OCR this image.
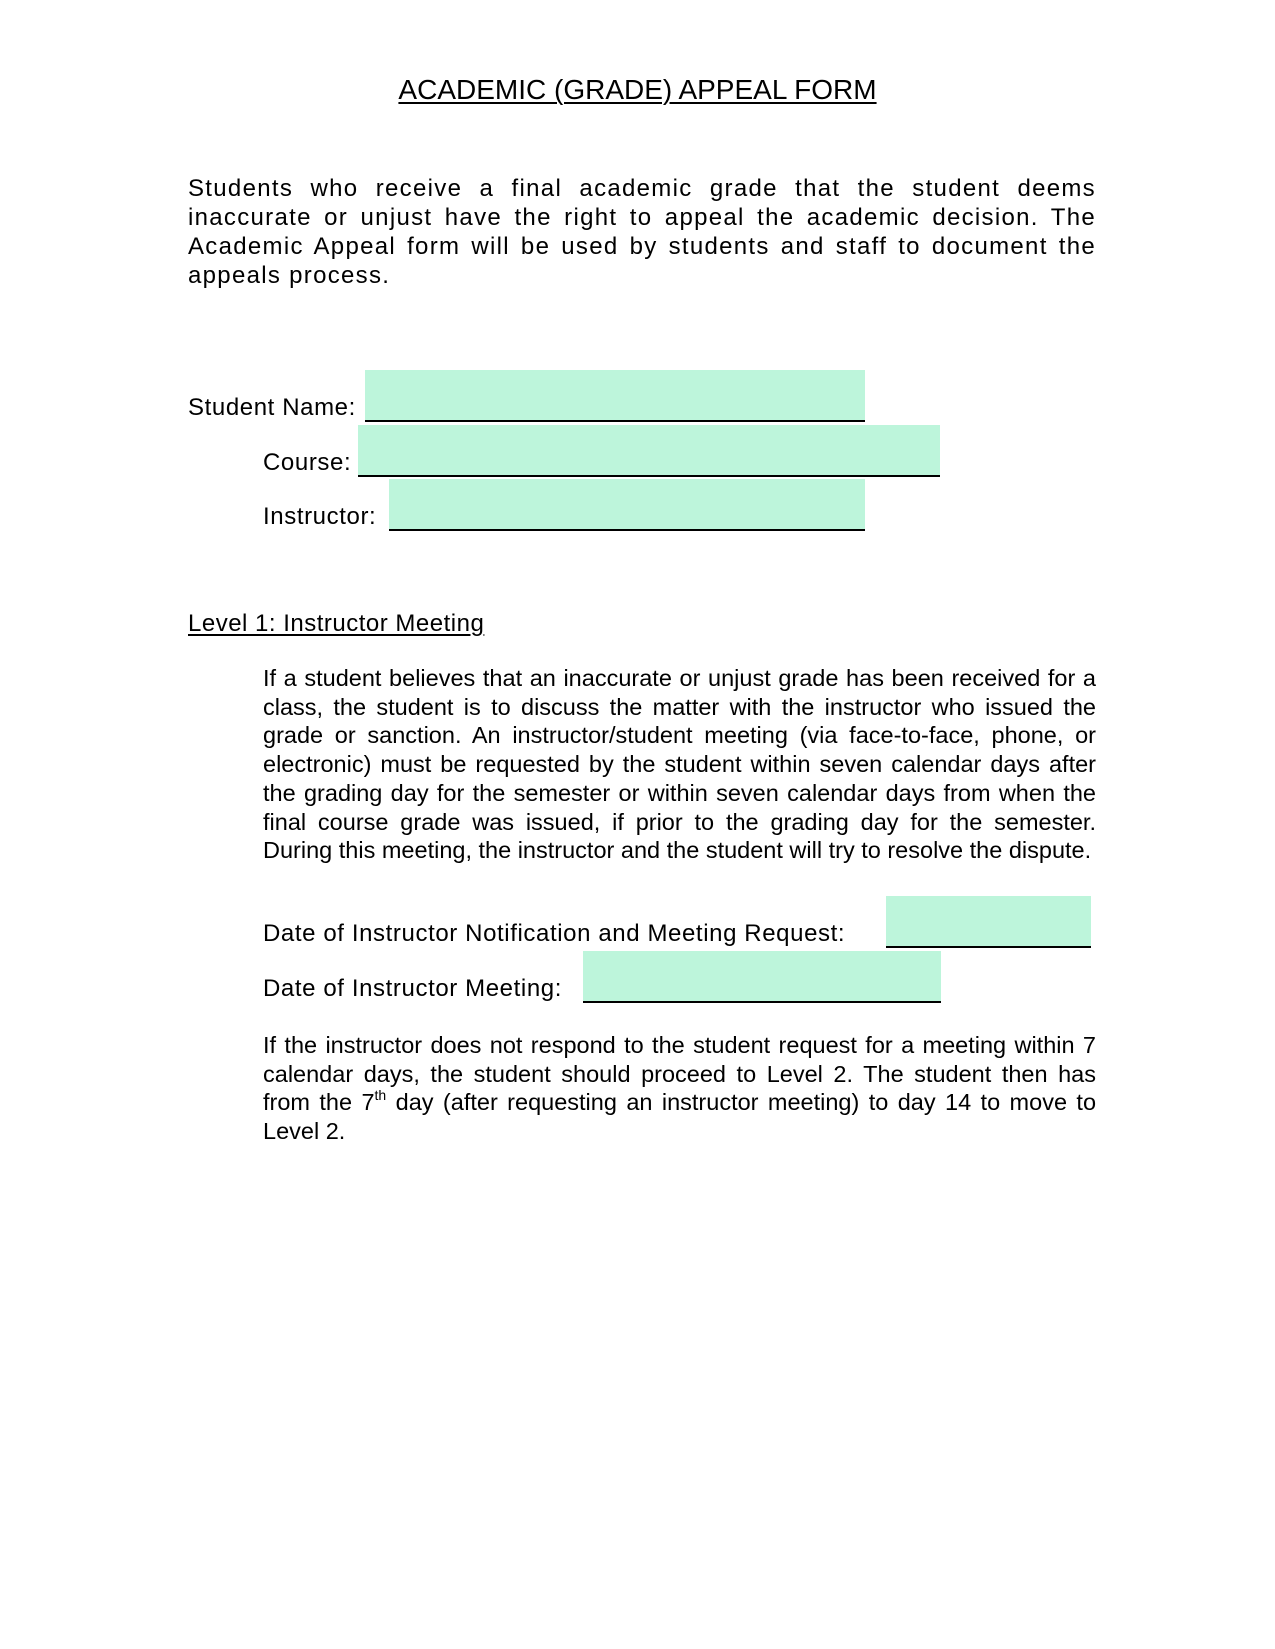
ACADEMIC (GRADE) APPEAL FORM

Students who receive a final academic grade that the student deems inaccurate or unjust have the right to appeal the academic decision. The Academic Appeal form will be used by students and staff to document the appeals process.

Student Name:
Course:
Instructor:
Level 1: Instructor Meeting

If a student believes that an inaccurate or unjust grade has been received for a class, the student is to discuss the matter with the instructor who issued the grade or sanction. An instructor/student meeting (via face-to-face, phone, or electronic) must be requested by the student within seven calendar days after the grading day for the semester or within seven calendar days from when the final course grade was issued, if prior to the grading day for the semester. During this meeting, the instructor and the student will try to resolve the dispute.

Date of Instructor Notification and Meeting Request:
Date of Instructor Meeting:

If the instructor does not respond to the student request for a meeting within 7 calendar days, the student should proceed to Level 2. The student then has from the 7th day (after requesting an instructor meeting) to day 14 to move to Level 2.
